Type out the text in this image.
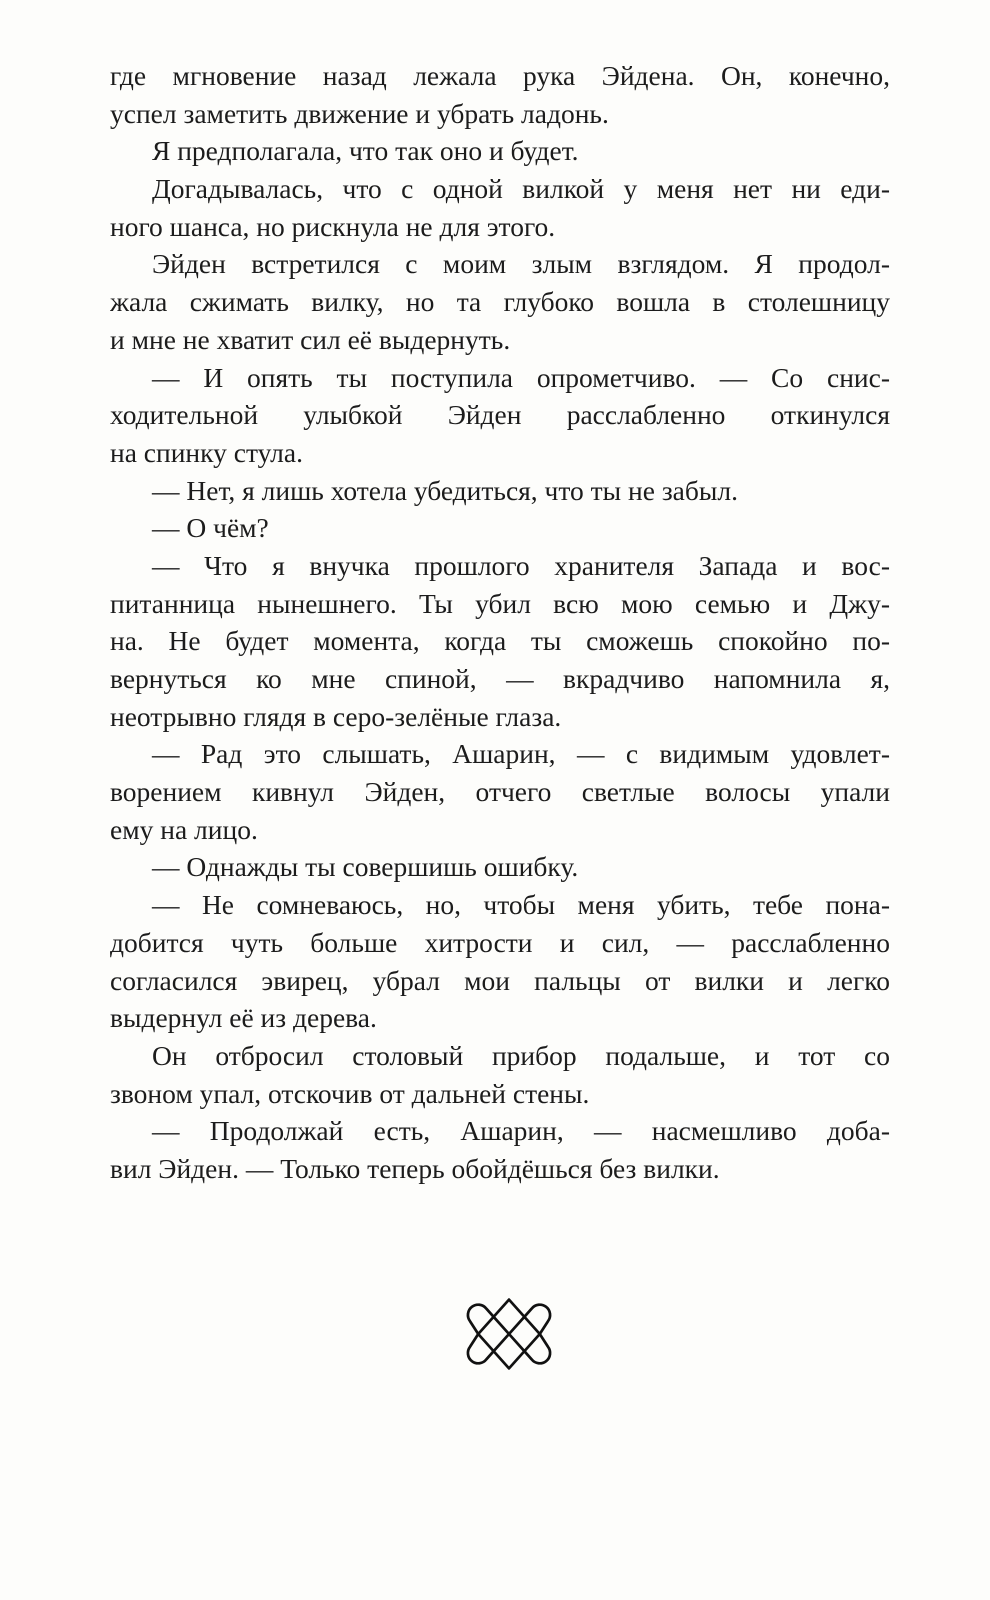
где мгновение назад лежала рука Эйдена. Он, конечно,
успел заметить движение и убрать ладонь.
Я предполагала, что так оно и будет.
Догадывалась, что с одной вилкой у меня нет ни еди-
ного шанса, но рискнула не для этого.
Эйден встретился с моим злым взглядом. Я продол-
жала сжимать вилку, но та глубоко вошла в столешницу
и мне не хватит сил её выдернуть.
— И опять ты поступила опрометчиво. — Со снис-
ходительной улыбкой Эйден расслабленно откинулся
на спинку стула.
— Нет, я лишь хотела убедиться, что ты не забыл.
— О чём?
— Что я внучка прошлого хранителя Запада и вос-
питанница нынешнего. Ты убил всю мою семью и Джу-
на. Не будет момента, когда ты сможешь спокойно по-
вернуться ко мне спиной, — вкрадчиво напомнила я,
неотрывно глядя в серо-зелёные глаза.
— Рад это слышать, Ашарин, — с видимым удовлет-
ворением кивнул Эйден, отчего светлые волосы упали
ему на лицо.
— Однажды ты совершишь ошибку.
— Не сомневаюсь, но, чтобы меня убить, тебе пона-
добится чуть больше хитрости и сил, — расслабленно
согласился эвирец, убрал мои пальцы от вилки и легко
выдернул её из дерева.
Он отбросил столовый прибор подальше, и тот со
звоном упал, отскочив от дальней стены.
— Продолжай есть, Ашарин, — насмешливо доба-
вил Эйден. — Только теперь обойдёшься без вилки.
